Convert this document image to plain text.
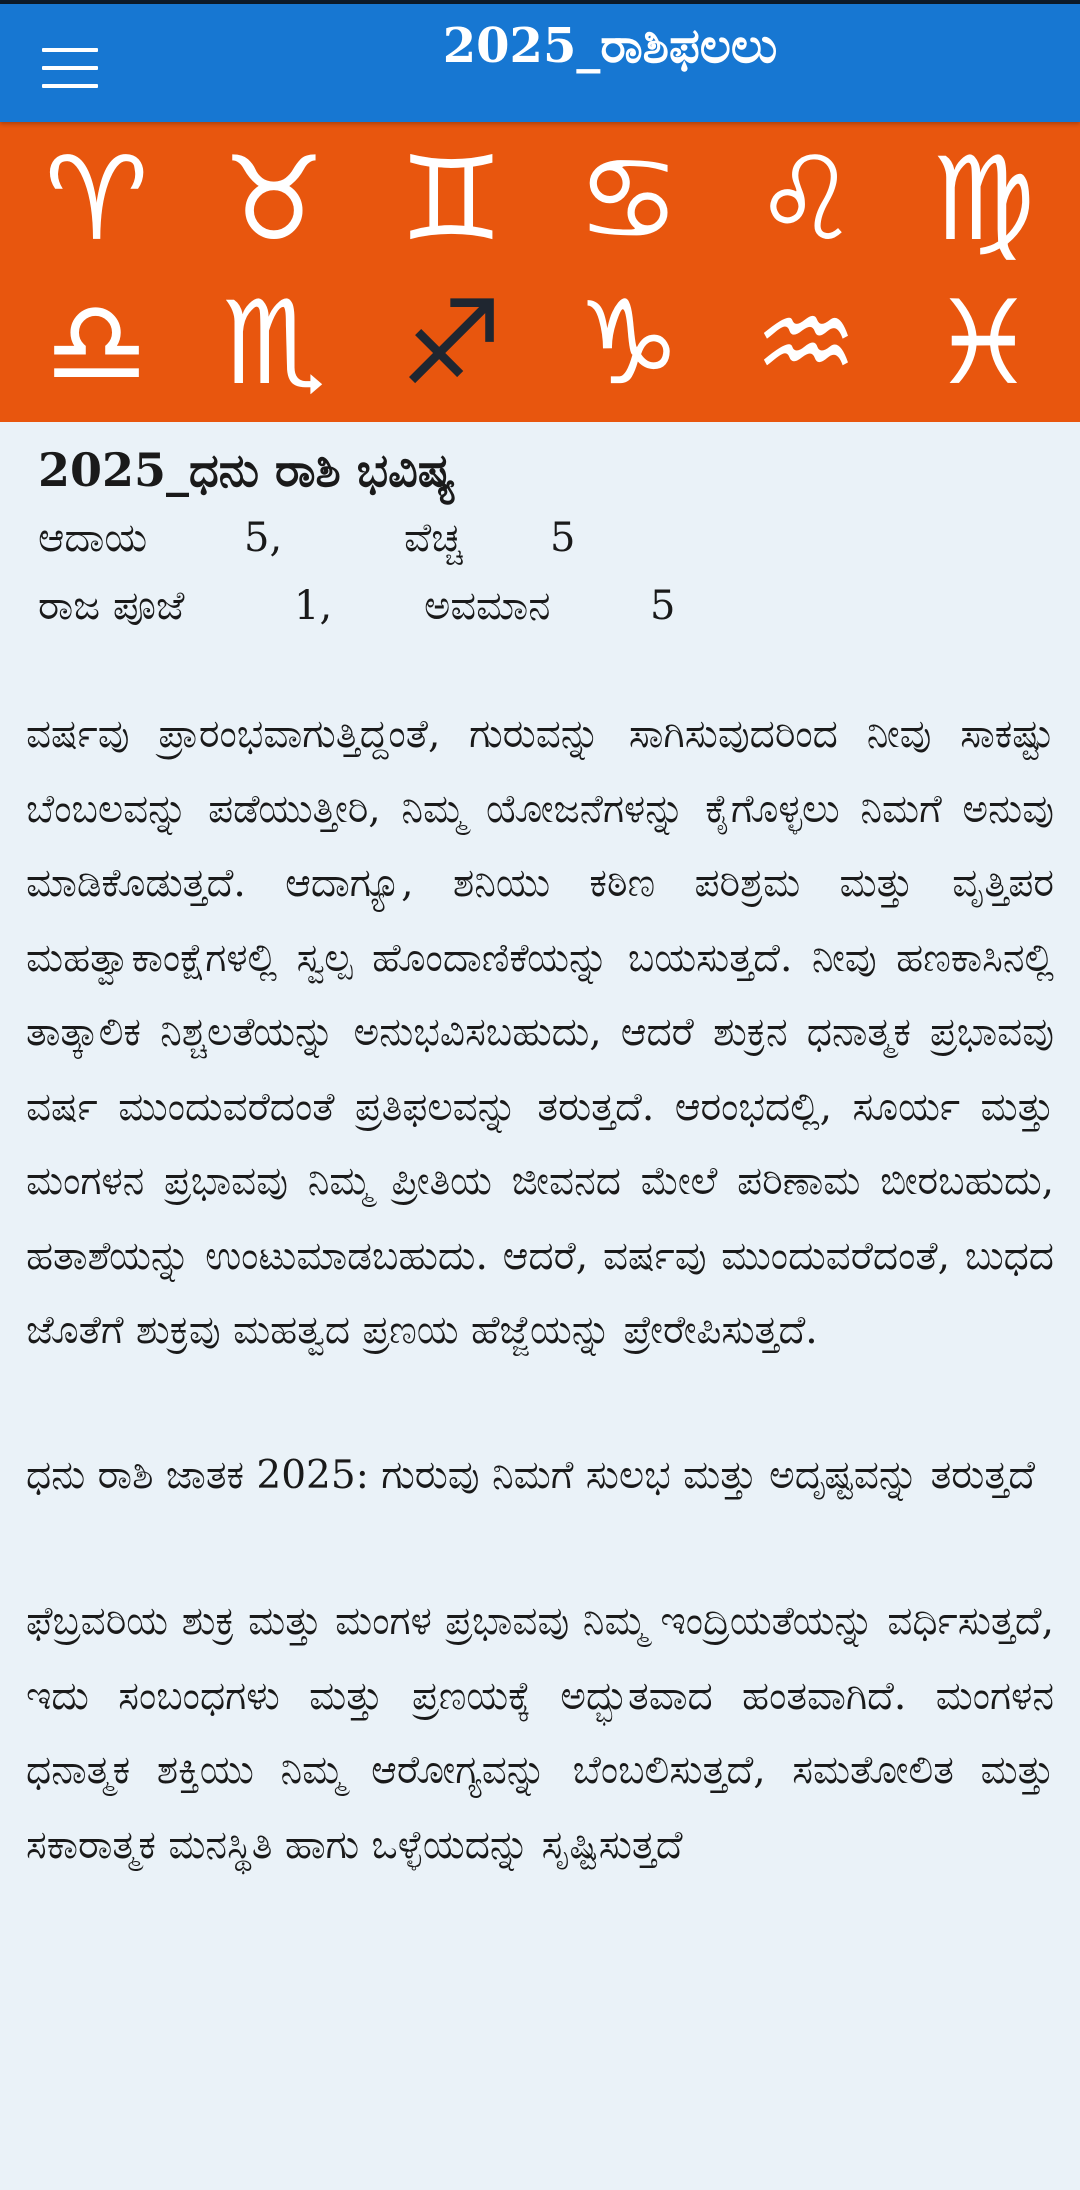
2025_ರಾಶಿಫಲಲು
♈ ♉ ♊ ♋ ♌ ♍
♎ ♏ ♐ ♑ ♒ ♓
2025_ಧನು ರಾಶಿ ಭವಿಷ್ಯ
ಆದಾಯ	5,	ವೆಚ್ಚ	5
ರಾಜ ಪೂಜೆ	1,	ಅವಮಾನ	5

ವರ್ಷವು ಪ್ರಾರಂಭವಾಗುತ್ತಿದ್ದಂತೆ, ಗುರುವನ್ನು ಸಾಗಿಸುವುದರಿಂದ ನೀವು ಸಾಕಷ್ಟು ಬೆಂಬಲವನ್ನು ಪಡೆಯುತ್ತೀರಿ, ನಿಮ್ಮ ಯೋಜನೆಗಳನ್ನು ಕೈಗೊಳ್ಳಲು ನಿಮಗೆ ಅನುವು ಮಾಡಿಕೊಡುತ್ತದೆ. ಆದಾಗ್ಯೂ, ಶನಿಯು ಕಠಿಣ ಪರಿಶ್ರಮ ಮತ್ತು ವೃತ್ತಿಪರ ಮಹತ್ವಾಕಾಂಕ್ಷೆಗಳಲ್ಲಿ ಸ್ವಲ್ಪ ಹೊಂದಾಣಿಕೆಯನ್ನು ಬಯಸುತ್ತದೆ. ನೀವು ಹಣಕಾಸಿನಲ್ಲಿ ತಾತ್ಕಾಲಿಕ ನಿಶ್ಚಲತೆಯನ್ನು ಅನುಭವಿಸಬಹುದು, ಆದರೆ ಶುಕ್ರನ ಧನಾತ್ಮಕ ಪ್ರಭಾವವು ವರ್ಷ ಮುಂದುವರೆದಂತೆ ಪ್ರತಿಫಲವನ್ನು ತರುತ್ತದೆ. ಆರಂಭದಲ್ಲಿ, ಸೂರ್ಯ ಮತ್ತು ಮಂಗಳನ ಪ್ರಭಾವವು ನಿಮ್ಮ ಪ್ರೀತಿಯ ಜೀವನದ ಮೇಲೆ ಪರಿಣಾಮ ಬೀರಬಹುದು, ಹತಾಶೆಯನ್ನು ಉಂಟುಮಾಡಬಹುದು. ಆದರೆ, ವರ್ಷವು ಮುಂದುವರೆದಂತೆ, ಬುಧದ ಜೊತೆಗೆ ಶುಕ್ರವು ಮಹತ್ವದ ಪ್ರಣಯ ಹೆಜ್ಜೆಯನ್ನು ಪ್ರೇರೇಪಿಸುತ್ತದೆ.

ಧನು ರಾಶಿ ಜಾತಕ 2025: ಗುರುವು ನಿಮಗೆ ಸುಲಭ ಮತ್ತು ಅದೃಷ್ಟವನ್ನು ತರುತ್ತದೆ

ಫೆಬ್ರವರಿಯ ಶುಕ್ರ ಮತ್ತು ಮಂಗಳ ಪ್ರಭಾವವು ನಿಮ್ಮ ಇಂದ್ರಿಯತೆಯನ್ನು ವರ್ಧಿಸುತ್ತದೆ, ಇದು ಸಂಬಂಧಗಳು ಮತ್ತು ಪ್ರಣಯಕ್ಕೆ ಅದ್ಭುತವಾದ ಹಂತವಾಗಿದೆ. ಮಂಗಳನ ಧನಾತ್ಮಕ ಶಕ್ತಿಯು ನಿಮ್ಮ ಆರೋಗ್ಯವನ್ನು ಬೆಂಬಲಿಸುತ್ತದೆ, ಸಮತೋಲಿತ ಮತ್ತು ಸಕಾರಾತ್ಮಕ ಮನಸ್ಥಿತಿ ಹಾಗು ಒಳ್ಳೆಯದನ್ನು ಸೃಷ್ಟಿಸುತ್ತದೆ
